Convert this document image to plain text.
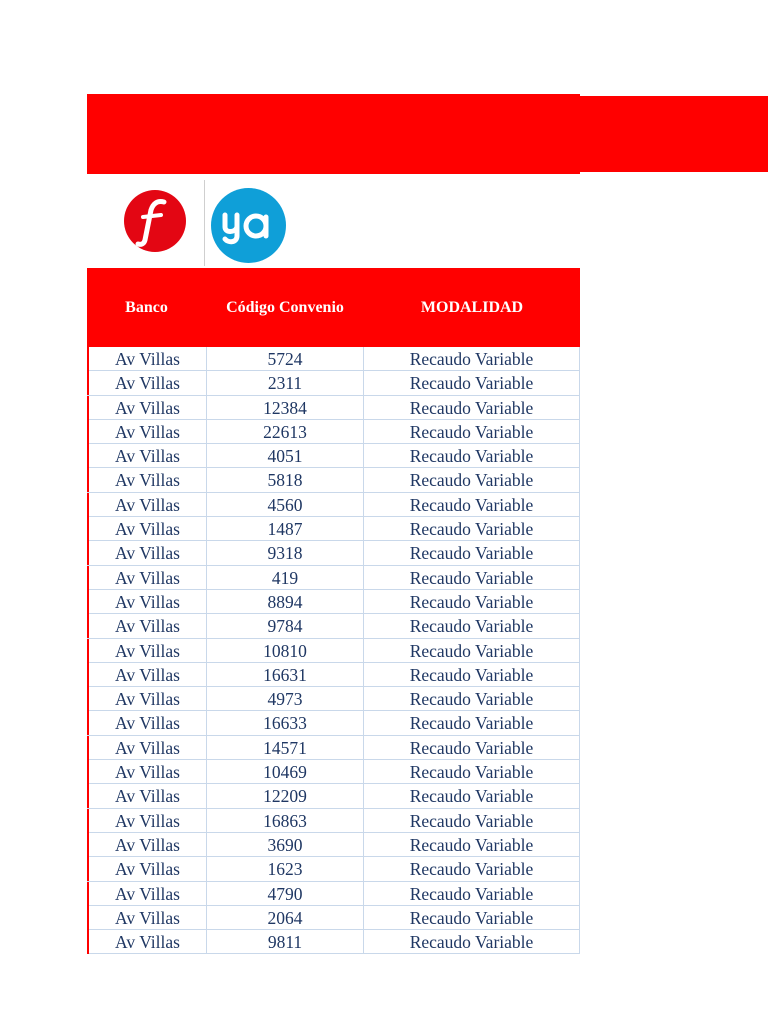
Banco	Código Convenio	MODALIDAD
Av Villas	5724	Recaudo Variable
Av Villas	2311	Recaudo Variable
Av Villas	12384	Recaudo Variable
Av Villas	22613	Recaudo Variable
Av Villas	4051	Recaudo Variable
Av Villas	5818	Recaudo Variable
Av Villas	4560	Recaudo Variable
Av Villas	1487	Recaudo Variable
Av Villas	9318	Recaudo Variable
Av Villas	419	Recaudo Variable
Av Villas	8894	Recaudo Variable
Av Villas	9784	Recaudo Variable
Av Villas	10810	Recaudo Variable
Av Villas	16631	Recaudo Variable
Av Villas	4973	Recaudo Variable
Av Villas	16633	Recaudo Variable
Av Villas	14571	Recaudo Variable
Av Villas	10469	Recaudo Variable
Av Villas	12209	Recaudo Variable
Av Villas	16863	Recaudo Variable
Av Villas	3690	Recaudo Variable
Av Villas	1623	Recaudo Variable
Av Villas	4790	Recaudo Variable
Av Villas	2064	Recaudo Variable
Av Villas	9811	Recaudo Variable
